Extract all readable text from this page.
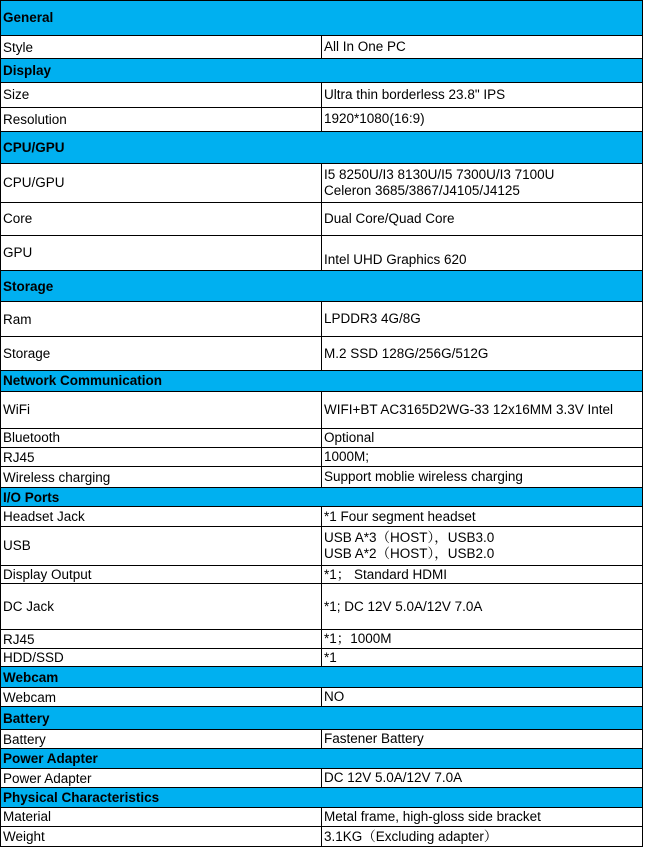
General	
Style	All In One PC

Display	
Size	Ultra thin borderless 23.8" IPS

Resolution	1920*1080(16:9)

CPU/GPU	
CPU/GPU	I5 8250U/I3 8130U/I5 7300U/I3 7100U
Celeron 3685/3867/J4105/J4125

Core	Dual Core/Quad Core

GPU	Intel UHD Graphics 620

Storage	
Ram	LPDDR3 4G/8G

Storage	M.2 SSD 128G/256G/512G

Network Communication	
WiFi	WIFI+BT AC3165D2WG-33 12x16MM 3.3V Intel

Bluetooth	Optional

RJ45	1000M;

Wireless charging	Support moblie wireless charging

I/O Ports	
Headset Jack	*1 Four segment headset

USB	USB A*3（HOST），USB3.0
USB A*2（HOST），USB2.0

Display Output	*1； Standard HDMI

DC Jack	*1; DC 12V 5.0A/12V 7.0A

RJ45	*1；1000M

HDD/SSD	*1

Webcam	
Webcam	NO

Battery	
Battery	Fastener Battery

Power Adapter	
Power Adapter	DC 12V 5.0A/12V 7.0A

Physical Characteristics	
Material	Metal frame, high-gloss side bracket

Weight	3.1KG（Excluding adapter）
